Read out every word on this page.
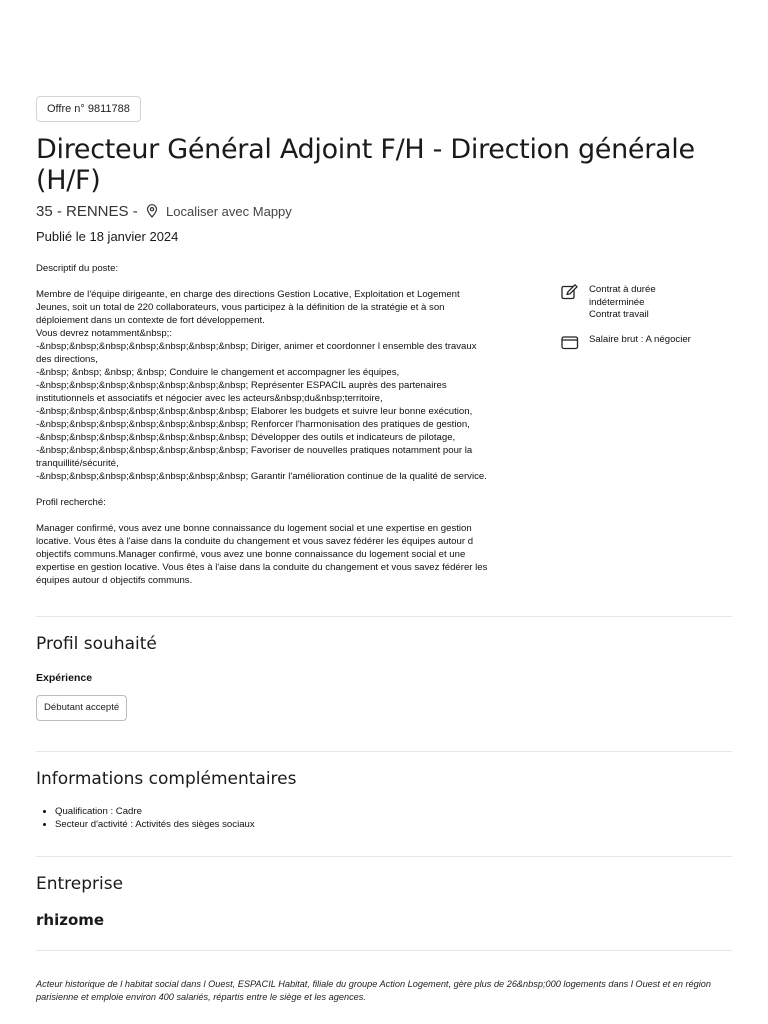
Offre n° 9811788
Directeur Général Adjoint F/H - Direction générale (H/F)
35 - RENNES - Localiser avec Mappy
Publié le 18 janvier 2024

Descriptif du poste:

Membre de l'équipe dirigeante, en charge des directions Gestion Locative, Exploitation et Logement Jeunes, soit un total de 220 collaborateurs, vous participez à la définition de la stratégie et à son déploiement dans un contexte de fort développement.

Vous devrez notamment&nbsp;:

-&nbsp;&nbsp;&nbsp;&nbsp;&nbsp;&nbsp;&nbsp; Diriger, animer et coordonner l ensemble des travaux des directions,

-&nbsp; &nbsp; &nbsp; &nbsp; Conduire le changement et accompagner les équipes,

-&nbsp;&nbsp;&nbsp;&nbsp;&nbsp;&nbsp;&nbsp; Représenter ESPACIL auprès des partenaires institutionnels et associatifs et négocier avec les acteurs&nbsp;du&nbsp;territoire,

-&nbsp;&nbsp;&nbsp;&nbsp;&nbsp;&nbsp;&nbsp; Elaborer les budgets et suivre leur bonne exécution,

-&nbsp;&nbsp;&nbsp;&nbsp;&nbsp;&nbsp;&nbsp; Renforcer l'harmonisation des pratiques de gestion,

-&nbsp;&nbsp;&nbsp;&nbsp;&nbsp;&nbsp;&nbsp; Développer des outils et indicateurs de pilotage,

-&nbsp;&nbsp;&nbsp;&nbsp;&nbsp;&nbsp;&nbsp; Favoriser de nouvelles pratiques notamment pour la tranquillité/sécurité,

-&nbsp;&nbsp;&nbsp;&nbsp;&nbsp;&nbsp;&nbsp; Garantir l'amélioration continue de la qualité de service.

Profil recherché:

Manager confirmé, vous avez une bonne connaissance du logement social et une expertise en gestion locative. Vous êtes à l'aise dans la conduite du changement et vous savez fédérer les équipes autour d objectifs communs.Manager confirmé, vous avez une bonne connaissance du logement social et une expertise en gestion locative. Vous êtes à l'aise dans la conduite du changement et vous savez fédérer les équipes autour d objectifs communs.

Contrat à durée
indéterminée
Contrat travail
Salaire brut : A négocier
Profil souhaité
Expérience
Débutant accepté
Informations complémentaires
• Qualification : Cadre
• Secteur d'activité : Activités des sièges sociaux
Entreprise
rhizome
Acteur historique de l habitat social dans l Ouest, ESPACIL Habitat, filiale du groupe Action Logement, gère plus de 26&nbsp;000 logements dans l Ouest et en région parisienne et emploie environ 400 salariés, répartis entre le siège et les agences.
